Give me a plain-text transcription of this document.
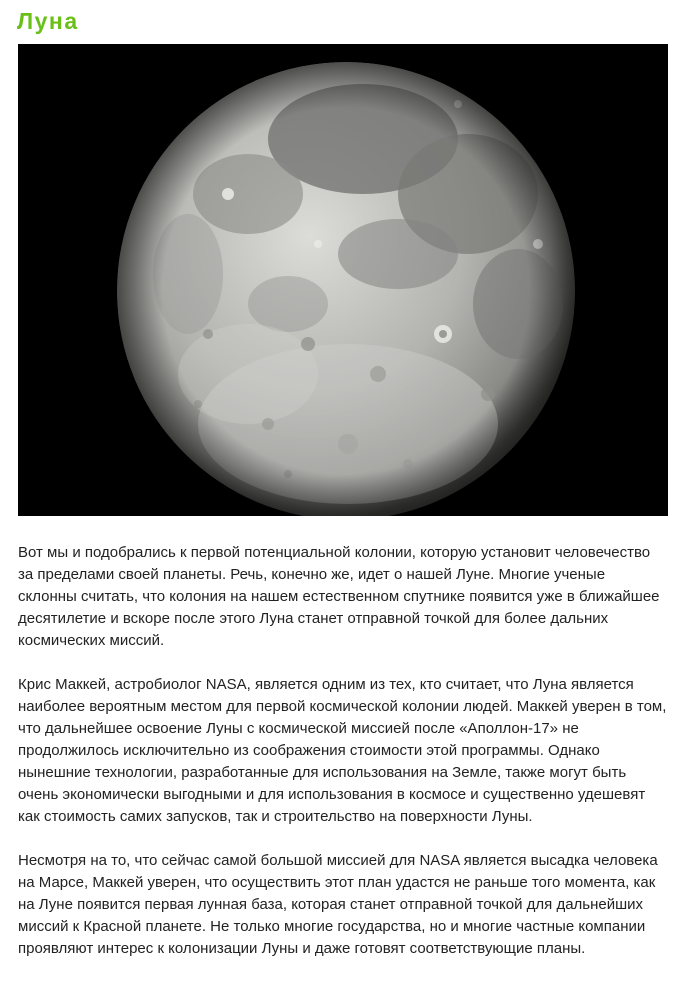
Луна

Вот мы и подобрались к первой потенциальной колонии, которую установит человечество за пределами своей планеты. Речь, конечно же, идет о нашей Луне. Многие ученые склонны считать, что колония на нашем естественном спутнике появится уже в ближайшее десятилетие и вскоре после этого Луна станет отправной точкой для более дальних космических миссий.

Крис Маккей, астробиолог NASA, является одним из тех, кто считает, что Луна является наиболее вероятным местом для первой космической колонии людей. Маккей уверен в том, что дальнейшее освоение Луны с космической миссией после «Аполлон-17» не продолжилось исключительно из соображения стоимости этой программы. Однако нынешние технологии, разработанные для использования на Земле, также могут быть очень экономически выгодными и для использования в космосе и существенно удешевят как стоимость самих запусков, так и строительство на поверхности Луны.

Несмотря на то, что сейчас самой большой миссией для NASA является высадка человека на Марсе, Маккей уверен, что осуществить этот план удастся не раньше того момента, как на Луне появится первая лунная база, которая станет отправной точкой для дальнейших миссий к Красной планете. Не только многие государства, но и многие частные компании проявляют интерес к колонизации Луны и даже готовят соответствующие планы.
